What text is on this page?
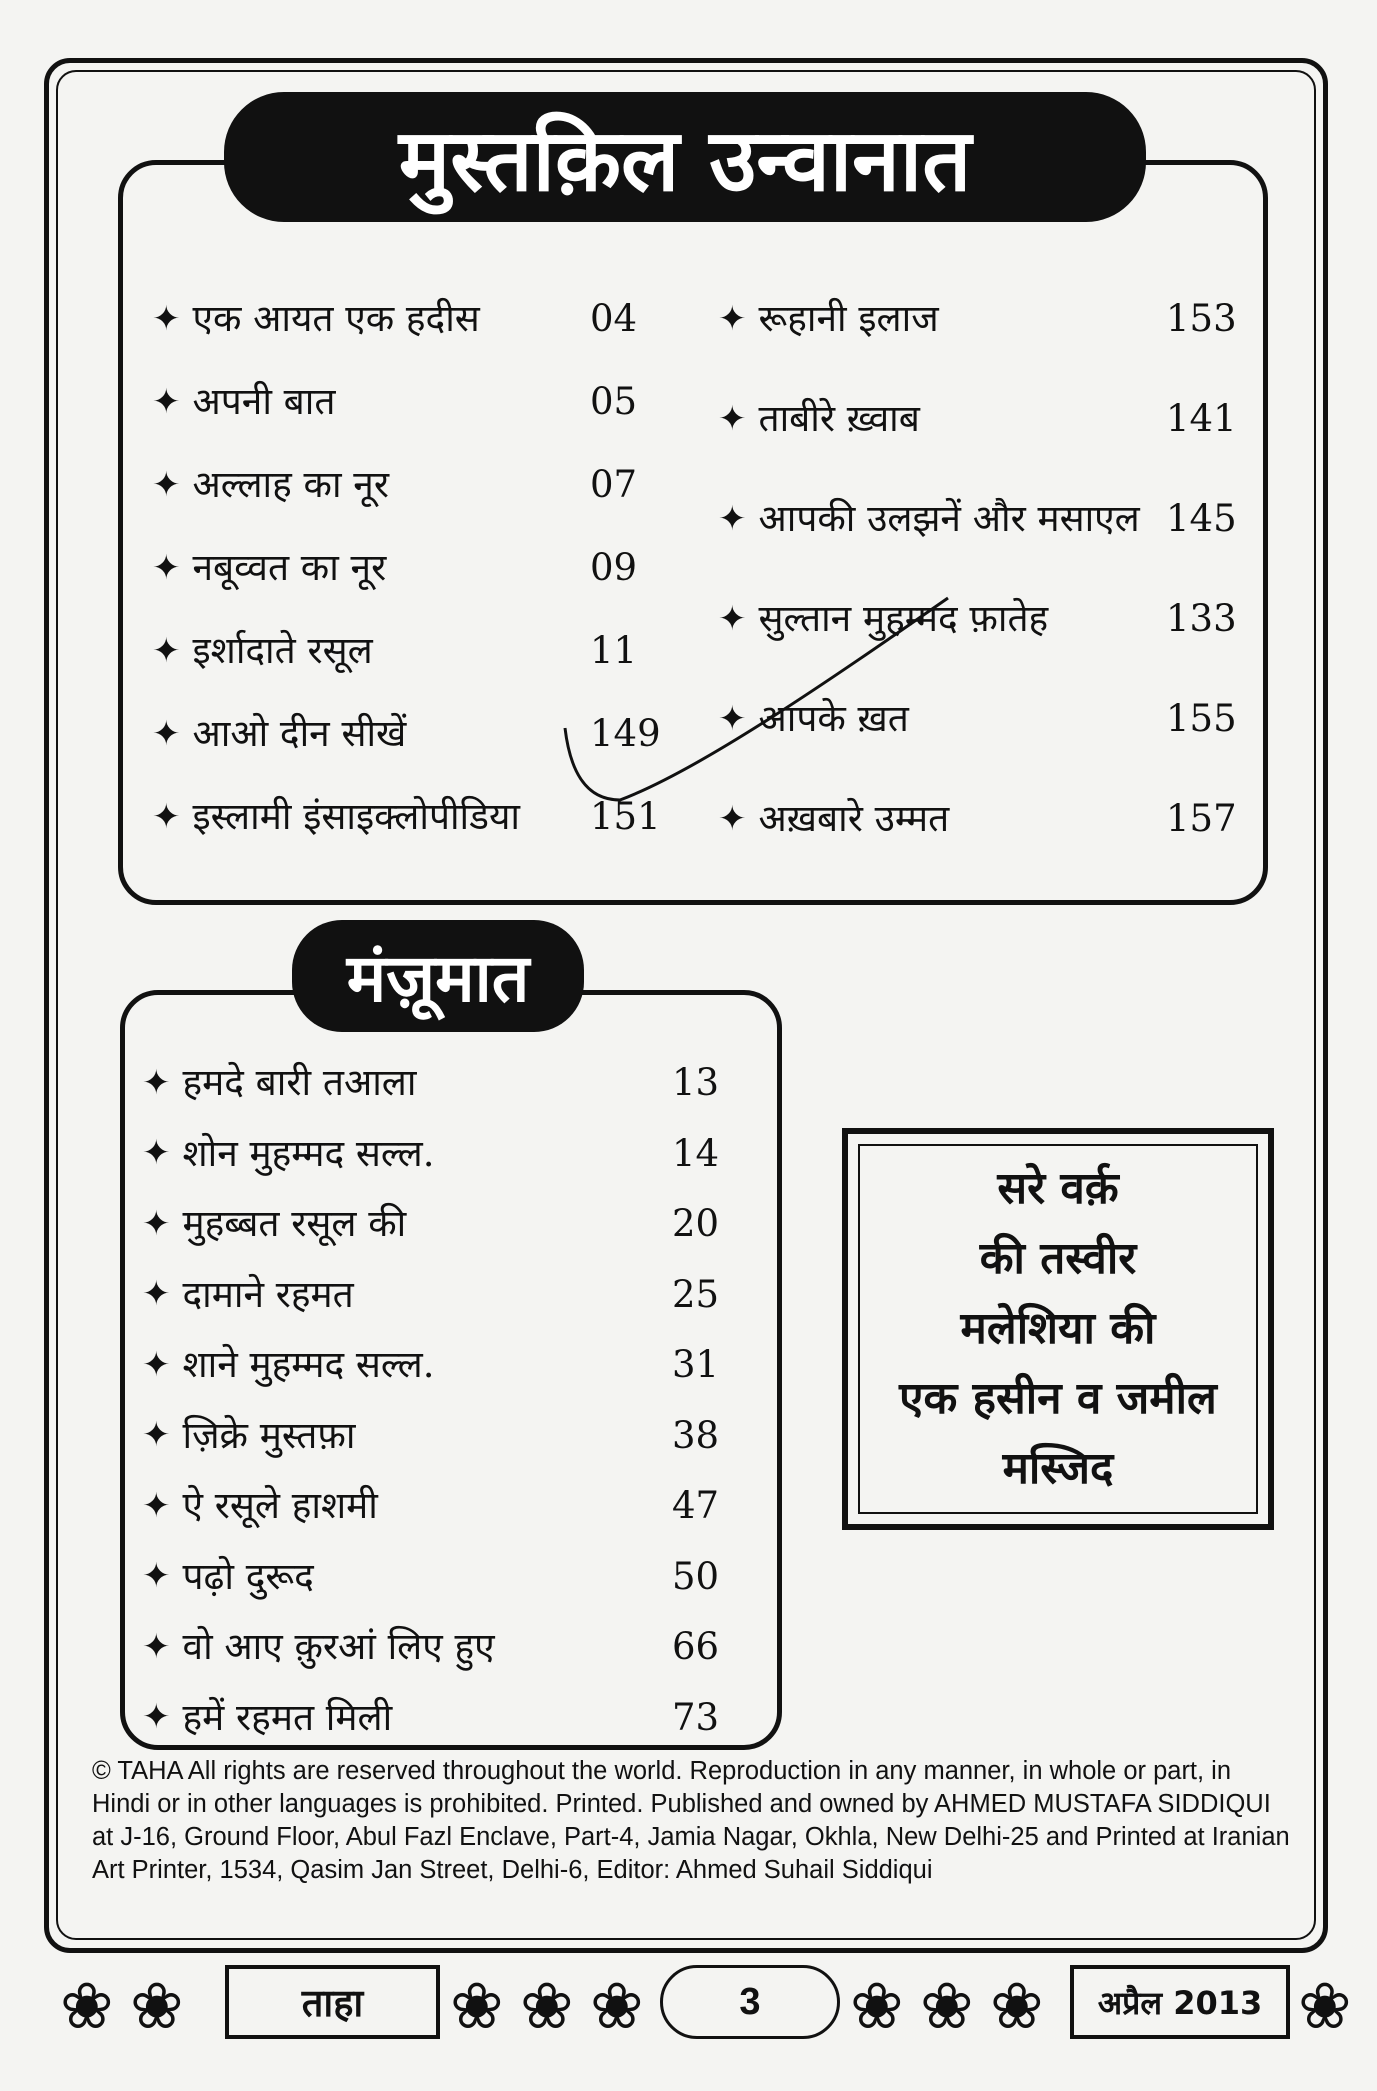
मुस्तक़िल उन्वानात
✦ एक आयत एक हदीस	04
✦ अपनी बात	05
✦ अल्लाह का नूर	07
✦ नबूव्वत का नूर	09
✦ इर्शादाते रसूल	11
✦ आओ दीन सीखें	149
✦ इस्लामी इंसाइक्लोपीडिया	151
✦ रूहानी इलाज	153
✦ ताबीरे ख़्वाब	141
✦ आपकी उलझनें और मसाएल 145
✦ सुल्तान मुहम्मद फ़ातेह	133
✦ आपके ख़त	155
✦ अख़बारे उम्मत	157
मंज़ूमात
✦ हमदे बारी तआला	13
✦ शोन मुहम्मद सल्ल.	14
✦ मुहब्बत रसूल की	20
✦ दामाने रहमत	25
✦ शाने मुहम्मद सल्ल.	31
✦ ज़िक्रे मुस्तफ़ा	38
✦ ऐ रसूले हाशमी	47
✦ पढ़ो दुरूद	50
✦ वो आए क़ुरआं लिए हुए	66
✦ हमें रहमत मिली	73
सरे वर्क़
की तस्वीर
मलेशिया की
एक हसीन व जमील
मस्जिद
© TAHA All rights are reserved throughout the world. Reproduction in any manner, in whole or part, in Hindi or in other languages is prohibited. Printed. Published and owned by AHMED MUSTAFA SIDDIQUI at J-16, Ground Floor, Abul Fazl Enclave, Part-4, Jamia Nagar, Okhla, New Delhi-25 and Printed at Iranian Art Printer, 1534, Qasim Jan Street, Delhi-6, Editor: Ahmed Suhail Siddiqui
❀ ❀	ताहा	❀ ❀ ❀	3	❀ ❀ ❀	अप्रैल 2013 ❀
